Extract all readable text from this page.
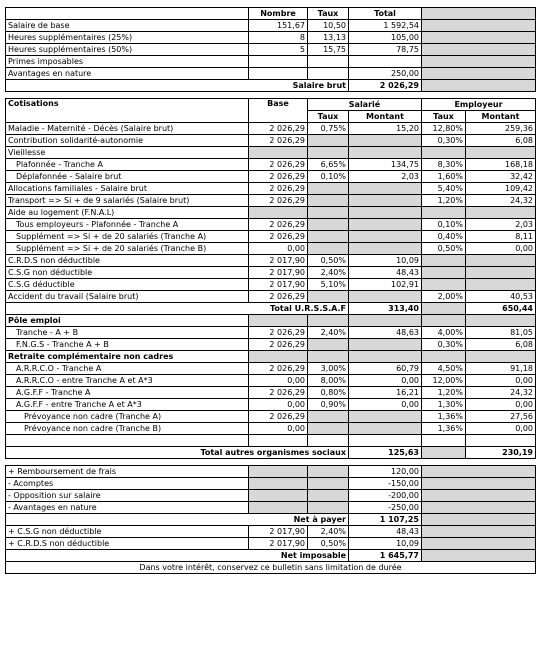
	Nombre	Taux	Total		
Salaire de base	151,67	10,50	1 592,54		
Heures supplémentaires (25%)	8	13,13	105,00		
Heures supplémentaires (50%)	5	15,75	78,75		
Primes imposables					
Avantages en nature			250,00		
Salaire brut			2 026,29		

Cotisations	Base	Salarié		Employeur	
		Taux	Montant	Taux	Montant
Maladie - Maternité - Décès (Salaire brut)	2 026,29	0,75%	15,20	12,80%	259,36
Contribution solidarité-autonomie	2 026,29			0,30%	6,08
Vieillesse					
Plafonnée - Tranche A	2 026,29	6,65%	134,75	8,30%	168,18
Déplafonnée - Salaire brut	2 026,29	0,10%	2,03	1,60%	32,42
Allocations familiales - Salaire brut	2 026,29			5,40%	109,42
Transport => Si + de 9 salariés (Salaire brut)	2 026,29			1,20%	24,32
Aide au logement (F.N.A.L)					
Tous employeurs - Plafonnée - Tranche A	2 026,29			0,10%	2,03
Supplément => Si + de 20 salariés (Tranche A)	2 026,29			0,40%	8,11
Supplément => Si + de 20 salariés (Tranche B)	0,00			0,50%	0,00
C.R.D.S non déductible	2 017,90	0,50%	10,09		
C.S.G non déductible	2 017,90	2,40%	48,43		
C.S.G déductible	2 017,90	5,10%	102,91		
Accident du travail (Salaire brut)	2 026,29			2,00%	40,53
Total U.R.S.S.A.F			313,40		650,44
Pôle emploi					
Tranche - A + B	2 026,29	2,40%	48,63	4,00%	81,05
F.N.G.S - Tranche A + B	2 026,29			0,30%	6,08
Retraite complémentaire non cadres					
A.R.R.C.O - Tranche A	2 026,29	3,00%	60,79	4,50%	91,18
A.R.R.C.O - entre Tranche A et A*3	0,00	8,00%	0,00	12,00%	0,00
A.G.F.F - Tranche A	2 026,29	0,80%	16,21	1,20%	24,32
A.G.F.F - entre Tranche A et A*3	0,00	0,90%	0,00	1,30%	0,00
Prévoyance non cadre (Tranche A)	2 026,29			1,36%	27,56
Prévoyance non cadre (Tranche B)	0,00			1,36%	0,00

Total autres organismes sociaux			125,63		230,19

+ Remboursement de frais			120,00		
- Acomptes			-150,00		
- Opposition sur salaire			-200,00		
- Avantages en nature			-250,00		
Net à payer			1 107,25		
+ C.S.G non déductible	2 017,90	2,40%	48,43		
+ C.R.D.S non déductible	2 017,90	0,50%	10,09		
Net imposable			1 645,77		
Dans votre intérêt, conservez ce bulletin sans limitation de durée					
